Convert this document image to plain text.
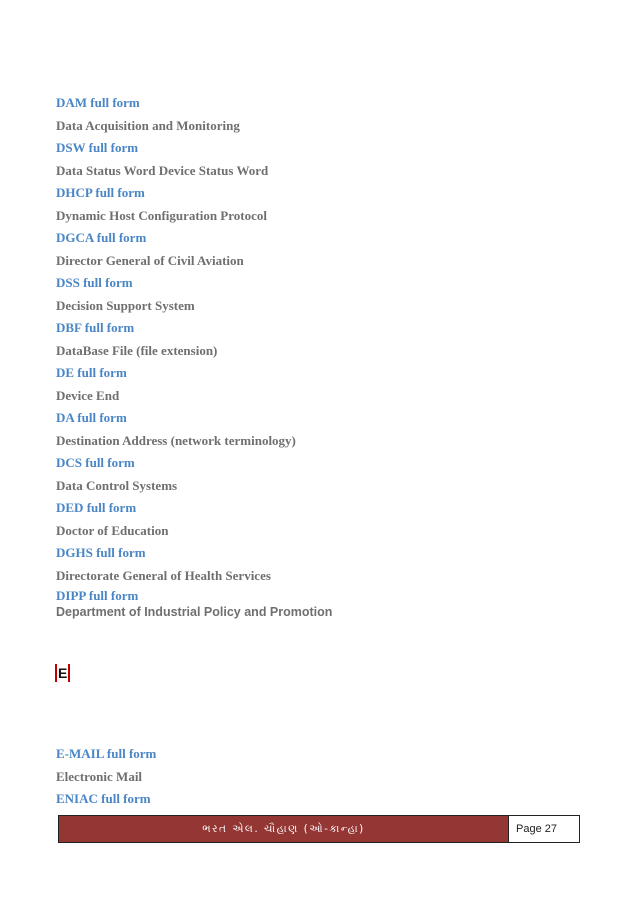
DAM full form
Data Acquisition and Monitoring
DSW full form
Data Status Word Device Status Word
DHCP full form
Dynamic Host Configuration Protocol
DGCA full form
Director General of Civil Aviation
DSS full form
Decision Support System
DBF full form
DataBase File (file extension)
DE full form
Device End
DA full form
Destination Address (network terminology)
DCS full form
Data Control Systems
DED full form
Doctor of Education
DGHS full form
Directorate General of Health Services
DIPP full form
Department of Industrial Policy and Promotion
E
E-MAIL full form
Electronic Mail
ENIAC full form
ભરત એલ. ચૌહાણ (ઓ-કાન્હા)	Page 27
